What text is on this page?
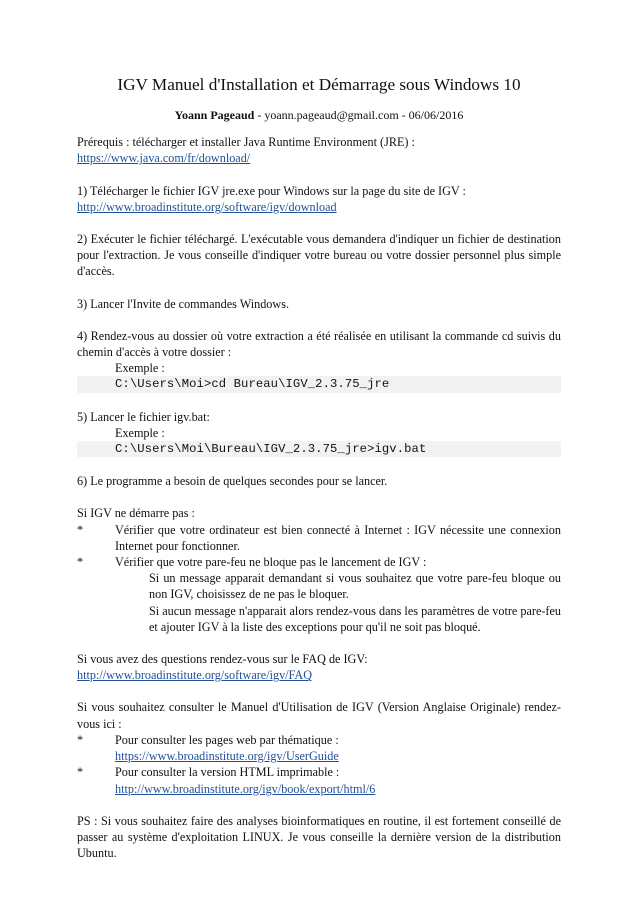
IGV Manuel d'Installation et Démarrage sous Windows 10
Yoann Pageaud - yoann.pageaud@gmail.com - 06/06/2016

Prérequis : télécharger et installer Java Runtime Environment (JRE) :
https://www.java.com/fr/download/

1) Télécharger le fichier IGV jre.exe pour Windows sur la page du site de IGV :
http://www.broadinstitute.org/software/igv/download

2) Exécuter le fichier téléchargé. L'exécutable vous demandera d'indiquer un fichier de destination pour l'extraction. Je vous conseille d'indiquer votre bureau ou votre dossier personnel plus simple d'accès.

3) Lancer l'Invite de commandes Windows.

4) Rendez-vous au dossier où votre extraction a été réalisée en utilisant la commande cd suivis du chemin d'accès à votre dossier :
Exemple :
C:\Users\Moi>cd Bureau\IGV_2.3.75_jre

5) Lancer le fichier igv.bat:
Exemple :
C:\Users\Moi\Bureau\IGV_2.3.75_jre>igv.bat

6) Le programme a besoin de quelques secondes pour se lancer.

Si IGV ne démarre pas :
*	Vérifier que votre ordinateur est bien connecté à Internet : IGV nécessite une connexion Internet pour fonctionner.
*	Vérifier que votre pare-feu ne bloque pas le lancement de IGV :
Si un message apparait demandant si vous souhaitez que votre pare-feu bloque ou non IGV, choisissez de ne pas le bloquer.
Si aucun message n'apparait alors rendez-vous dans les paramètres de votre pare-feu et ajouter IGV à la liste des exceptions pour qu'il ne soit pas bloqué.

Si vous avez des questions rendez-vous sur le FAQ de IGV:
http://www.broadinstitute.org/software/igv/FAQ

Si vous souhaitez consulter le Manuel d'Utilisation de IGV (Version Anglaise Originale) rendez-vous ici :
*	Pour consulter les pages web par thématique :
https://www.broadinstitute.org/igv/UserGuide
*	Pour consulter la version HTML imprimable :
http://www.broadinstitute.org/igv/book/export/html/6

PS : Si vous souhaitez faire des analyses bioinformatiques en routine, il est fortement conseillé de passer au système d'exploitation LINUX. Je vous conseille la dernière version de la distribution Ubuntu.
